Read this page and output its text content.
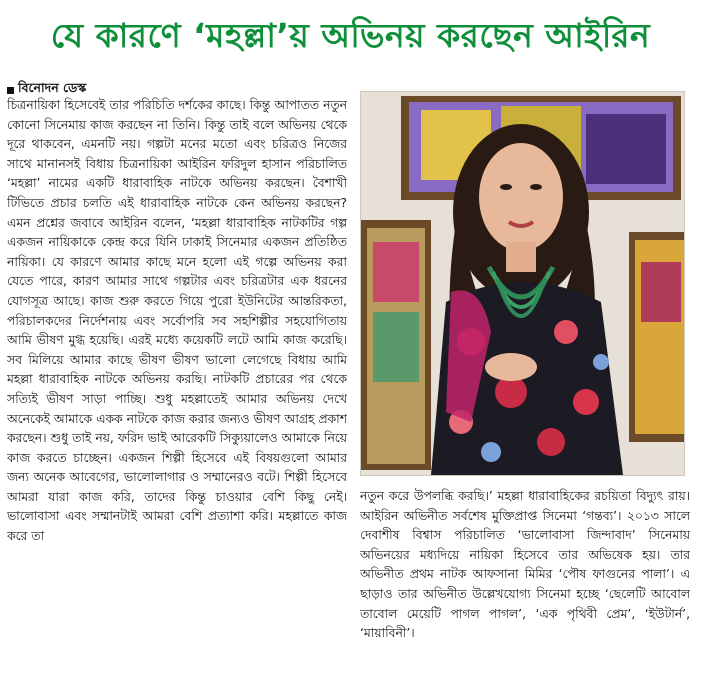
যে কারণে ‘মহল্লা’য় অভিনয় করছেন আইরিন
বিনোদন ডেস্ক

চিত্রনায়িকা হিসেবেই তার পরিচিতি দর্শকের কাছে। কিন্তু আপাতত নতুন কোনো সিনেমায় কাজ করছেন না তিনি। কিন্তু তাই বলে অভিনয় থেকে দূরে থাকবেন, এমনটি নয়। গল্পটা মনের মতো এবং চরিত্রও নিজের সাথে মানানসই বিধায় চিত্রনায়িকা আইরিন ফরিদুল হাসান পরিচালিত ‘মহল্লা’ নামের একটি ধারাবাহিক নাটকে অভিনয় করছেন। বৈশাখী টিভিতে প্রচার চলতি এই ধারাবাহিক নাটকে কেন অভিনয় করছেন? এমন প্রশ্নের জবাবে আইরিন বলেন, ‘মহল্লা ধারাবাহিক নাটকটির গল্প একজন নায়িকাকে কেন্দ্র করে যিনি ঢাকাই সিনেমার একজন প্রতিষ্ঠিত নায়িকা। যে কারণে আমার কাছে মনে হলো এই গল্পে অভিনয় করা যেতে পারে, কারণ আমার সাথে গল্পটার এবং চরিত্রটার এক ধরনের যোগসূত্র আছে। কাজ শুরু করতে গিয়ে পুরো ইউনিটের আন্তরিকতা, পরিচালকদের নির্দেশনায় এবং সর্বোপরি সব সহশিল্পীর সহযোগিতায় আমি ভীষণ মুগ্ধ হয়েছি। এরই মধ্যে কয়েকটি লটে আমি কাজ করেছি। সব মিলিয়ে আমার কাছে ভীষণ ভীষণ ভালো লেগেছে বিধায় আমি মহল্লা ধারাবাহিক নাটকে অভিনয় করছি। নাটকটি প্রচারের পর থেকে সত্যিই ভীষণ সাড়া পাচ্ছি। শুধু মহল্লাতেই আমার অভিনয় দেখে অনেকেই আমাকে একক নাটকে কাজ করার জন্যও ভীষণ আগ্রহ প্রকাশ করছেন। শুধু তাই নয়, ফরিদ ভাই আরেকটি সিক্যুয়ালেও আমাকে নিয়ে কাজ করতে চাচ্ছেন। একজন শিল্পী হিসেবে এই বিষয়গুলো আমার জন্য অনেক আবেগের, ভালোলাগার ও সম্মানেরও বটে। শিল্পী হিসেবে আমরা যারা কাজ করি, তাদের কিন্তু চাওয়ার বেশি কিছু নেই। ভালোবাসা এবং সম্মানটাই আমরা বেশি প্রত্যাশা করি। মহল্লাতে কাজ করে তা

নতুন করে উপলব্ধি করছি।’ মহল্লা ধারাবাহিকের রচয়িতা বিদ্যুৎ রায়। আইরিন অভিনীত সর্বশেষ মুক্তিপ্রাপ্ত সিনেমা ‘গন্তব্য’। ২০১৩ সালে দেবাশীষ বিশ্বাস পরিচালিত ‘ভালোবাসা জিন্দাবাদ’ সিনেমায় অভিনয়ের মধ্যদিয়ে নায়িকা হিসেবে তার অভিষেক হয়। তার অভিনীত প্রথম নাটক আফসানা মিমির ‘পৌষ ফাগুনের পালা’। এ ছাড়াও তার অভিনীত উল্লেখযোগ্য সিনেমা হচ্ছে ‘ছেলেটি আবোল তাবোল মেয়েটি পাগল পাগল’, ‘এক পৃথিবী প্রেম’, ‘ইউটার্ন’, ‘মায়াবিনী’।
